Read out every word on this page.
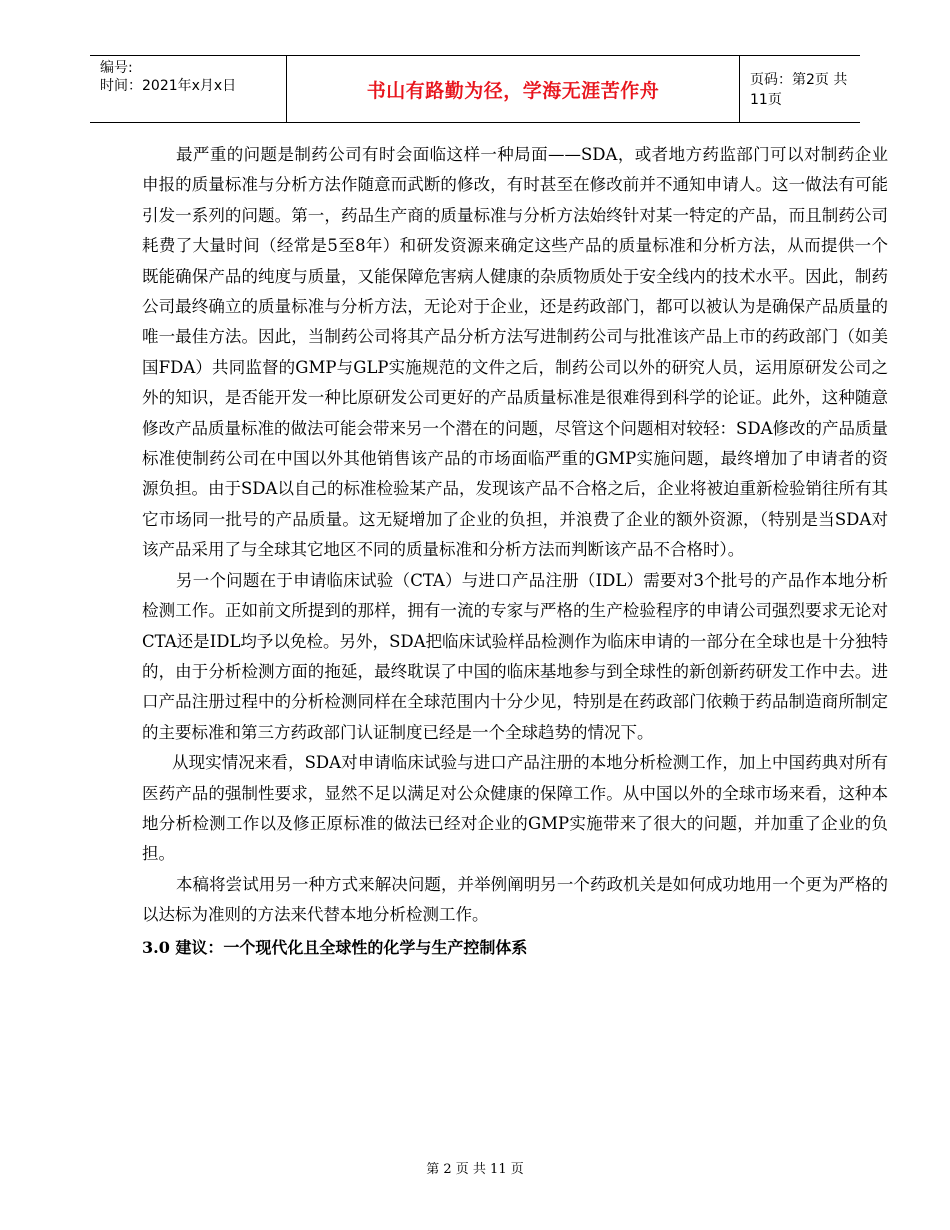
编号:
时间：2021年x月x日	书山有路勤为径，学海无涯苦作舟	页码：第2页 共11页

最严重的问题是制药公司有时会面临这样一种局面——SDA，或者地方药监部门可以对制药企业申报的质量标准与分析方法作随意而武断的修改，有时甚至在修改前并不通知申请人。这一做法有可能引发一系列的问题。第一，药品生产商的质量标准与分析方法始终针对某一特定的产品，而且制药公司耗费了大量时间（经常是5至8年）和研发资源来确定这些产品的质量标准和分析方法，从而提供一个既能确保产品的纯度与质量，又能保障危害病人健康的杂质物质处于安全线内的技术水平。因此，制药公司最终确立的质量标准与分析方法，无论对于企业，还是药政部门，都可以被认为是确保产品质量的唯一最佳方法。因此，当制药公司将其产品分析方法写进制药公司与批准该产品上市的药政部门（如美国FDA）共同监督的GMP与GLP实施规范的文件之后，制药公司以外的研究人员，运用原研发公司之外的知识，是否能开发一种比原研发公司更好的产品质量标准是很难得到科学的论证。此外，这种随意修改产品质量标准的做法可能会带来另一个潜在的问题，尽管这个问题相对较轻：SDA修改的产品质量标准使制药公司在中国以外其他销售该产品的市场面临严重的GMP实施问题，最终增加了申请者的资源负担。由于SDA以自己的标准检验某产品，发现该产品不合格之后，企业将被迫重新检验销往所有其它市场同一批号的产品质量。这无疑增加了企业的负担，并浪费了企业的额外资源，（特别是当SDA对该产品采用了与全球其它地区不同的质量标准和分析方法而判断该产品不合格时）。

另一个问题在于申请临床试验（CTA）与进口产品注册（IDL）需要对3个批号的产品作本地分析检测工作。正如前文所提到的那样，拥有一流的专家与严格的生产检验程序的申请公司强烈要求无论对CTA还是IDL均予以免检。另外，SDA把临床试验样品检测作为临床申请的一部分在全球也是十分独特的，由于分析检测方面的拖延，最终耽误了中国的临床基地参与到全球性的新创新药研发工作中去。进口产品注册过程中的分析检测同样在全球范围内十分少见，特别是在药政部门依赖于药品制造商所制定的主要标准和第三方药政部门认证制度已经是一个全球趋势的情况下。

从现实情况来看，SDA对申请临床试验与进口产品注册的本地分析检测工作，加上中国药典对所有医药产品的强制性要求，显然不足以满足对公众健康的保障工作。从中国以外的全球市场来看，这种本地分析检测工作以及修正原标准的做法已经对企业的GMP实施带来了很大的问题，并加重了企业的负担。

本稿将尝试用另一种方式来解决问题，并举例阐明另一个药政机关是如何成功地用一个更为严格的以达标为准则的方法来代替本地分析检测工作。

3.0 建议：一个现代化且全球性的化学与生产控制体系

第 2 页 共 11 页
